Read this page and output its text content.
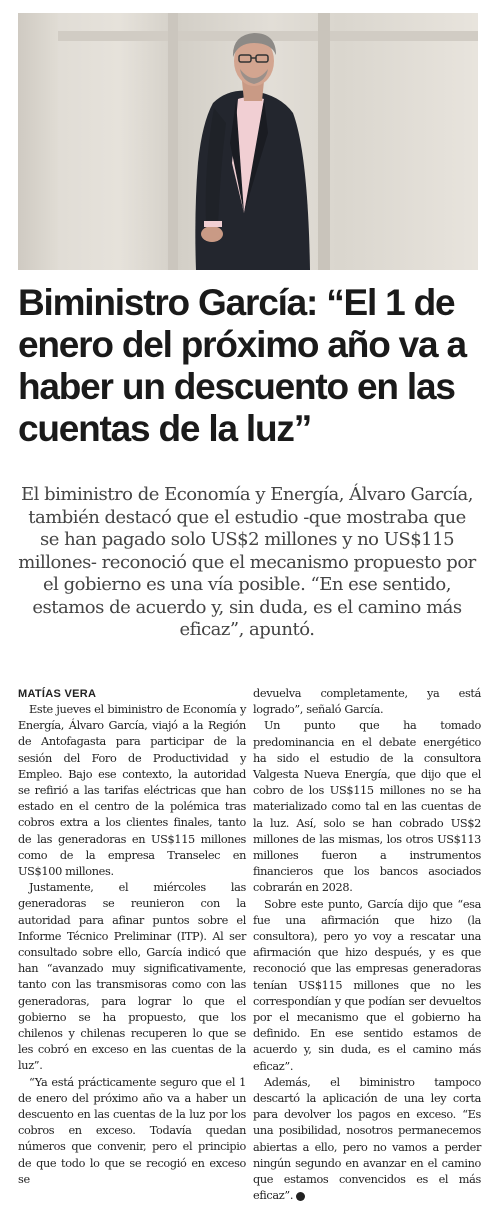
Biministro García: “El 1 de enero del próximo año va a haber un descuento en las cuentas de la luz”

El biministro de Economía y Energía, Álvaro García, también destacó que el estudio -que mostraba que se han pagado solo US$2 millones y no US$115 millones- reconoció que el mecanismo propuesto por el gobierno es una vía posible. “En ese sentido, estamos de acuerdo y, sin duda, es el camino más eficaz”, apuntó.

MATÍAS VERA

Este jueves el biministro de Economía y Energía, Álvaro García, viajó a la Región de Antofagasta para participar de la sesión del Foro de Productividad y Empleo. Bajo ese contexto, la autoridad se refirió a las tarifas eléctricas que han estado en el centro de la polémica tras cobros extra a los clientes finales, tanto de las generadoras en US$115 millones como de la empresa Transelec en US$100 millones.

Justamente, el miércoles las generadoras se reunieron con la autoridad para afinar puntos sobre el Informe Técnico Preliminar (ITP). Al ser consultado sobre ello, García indicó que han “avanzado muy significativamente, tanto con las transmisoras como con las generadoras, para lograr lo que el gobierno se ha propuesto, que los chilenos y chilenas recuperen lo que se les cobró en exceso en las cuentas de la luz”.

“Ya está prácticamente seguro que el 1 de enero del próximo año va a haber un descuento en las cuentas de la luz por los cobros en exceso. Todavía quedan números que convenir, pero el principio de que todo lo que se recogió en exceso se

devuelva completamente, ya está logrado”, señaló García.

Un punto que ha tomado predominancia en el debate energético ha sido el estudio de la consultora Valgesta Nueva Energía, que dijo que el cobro de los US$115 millones no se ha materializado como tal en las cuentas de la luz. Así, solo se han cobrado US$2 millones de las mismas, los otros US$113 millones fueron a instrumentos financieros que los bancos asociados cobrarán en 2028.

Sobre este punto, García dijo que “esa fue una afirmación que hizo (la consultora), pero yo voy a rescatar una afirmación que hizo después, y es que reconoció que las empresas generadoras tenían US$115 millones que no les correspondían y que podían ser devueltos por el mecanismo que el gobierno ha definido. En ese sentido estamos de acuerdo y, sin duda, es el camino más eficaz”.

Además, el biministro tampoco descartó la aplicación de una ley corta para devolver los pagos en exceso. “Es una posibilidad, nosotros permanecemos abiertas a ello, pero no vamos a perder ningún segundo en avanzar en el camino que estamos convencidos es el más eficaz”. P
